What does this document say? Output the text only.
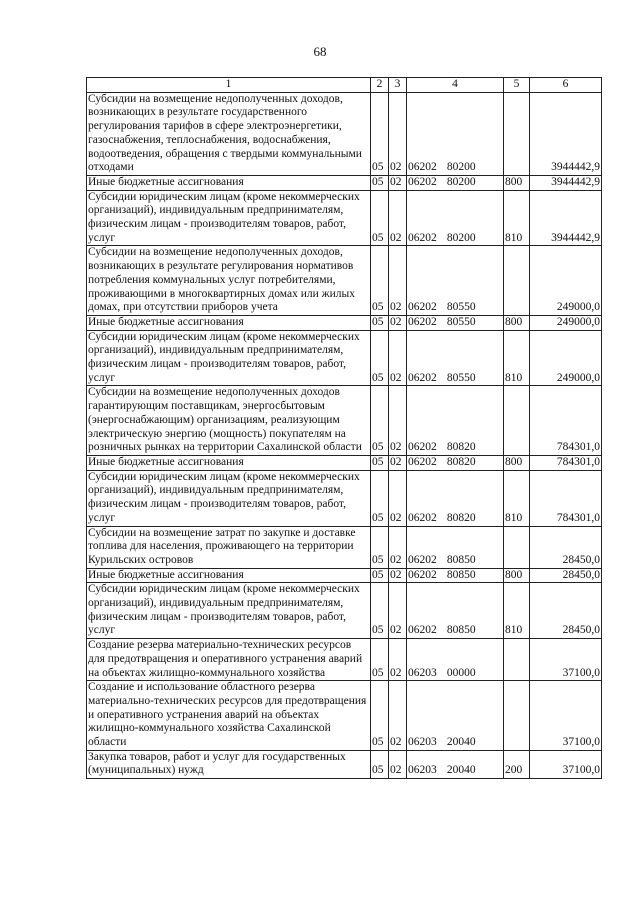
68
1	2	3	4	5	6
Субсидии на возмещение недополученных доходов, возникающих в результате государственного регулирования тарифов в сфере электроэнергетики, газоснабжения, теплоснабжения, водоснабжения, водоотведения, обращения с твердыми коммунальными отходами	05	02	06202 80200		3944442,9
Иные бюджетные ассигнования	05	02	06202 80200	800	3944442,9
Субсидии юридическим лицам (кроме некоммерческих организаций), индивидуальным предпринимателям, физическим лицам - производителям товаров, работ, услуг	05	02	06202 80200	810	3944442,9
Субсидии на возмещение недополученных доходов, возникающих в результате регулирования нормативов потребления коммунальных услуг потребителями, проживающими в многоквартирных домах или жилых домах, при отсутствии приборов учета	05	02	06202 80550		249000,0
Иные бюджетные ассигнования	05	02	06202 80550	800	249000,0
Субсидии юридическим лицам (кроме некоммерческих организаций), индивидуальным предпринимателям, физическим лицам - производителям товаров, работ, услуг	05	02	06202 80550	810	249000,0
Субсидии на возмещение недополученных доходов гарантирующим поставщикам, энергосбытовым (энергоснабжающим) организациям, реализующим электрическую энергию (мощность) покупателям на розничных рынках на территории Сахалинской области	05	02	06202 80820		784301,0
Иные бюджетные ассигнования	05	02	06202 80820	800	784301,0
Субсидии юридическим лицам (кроме некоммерческих организаций), индивидуальным предпринимателям, физическим лицам - производителям товаров, работ, услуг	05	02	06202 80820	810	784301,0
Субсидии на возмещение затрат по закупке и доставке топлива для населения, проживающего на территории Курильских островов	05	02	06202 80850		28450,0
Иные бюджетные ассигнования	05	02	06202 80850	800	28450,0
Субсидии юридическим лицам (кроме некоммерческих организаций), индивидуальным предпринимателям, физическим лицам - производителям товаров, работ, услуг	05	02	06202 80850	810	28450,0
Создание резерва материально-технических ресурсов для предотвращения и оперативного устранения аварий на объектах жилищно-коммунального хозяйства	05	02	06203 00000		37100,0
Создание и использование областного резерва материально-технических ресурсов для предотвращения и оперативного устранения аварий на объектах жилищно-коммунального хозяйства Сахалинской области	05	02	06203 20040		37100,0
Закупка товаров, работ и услуг для государственных (муниципальных) нужд	05	02	06203 20040	200	37100,0
